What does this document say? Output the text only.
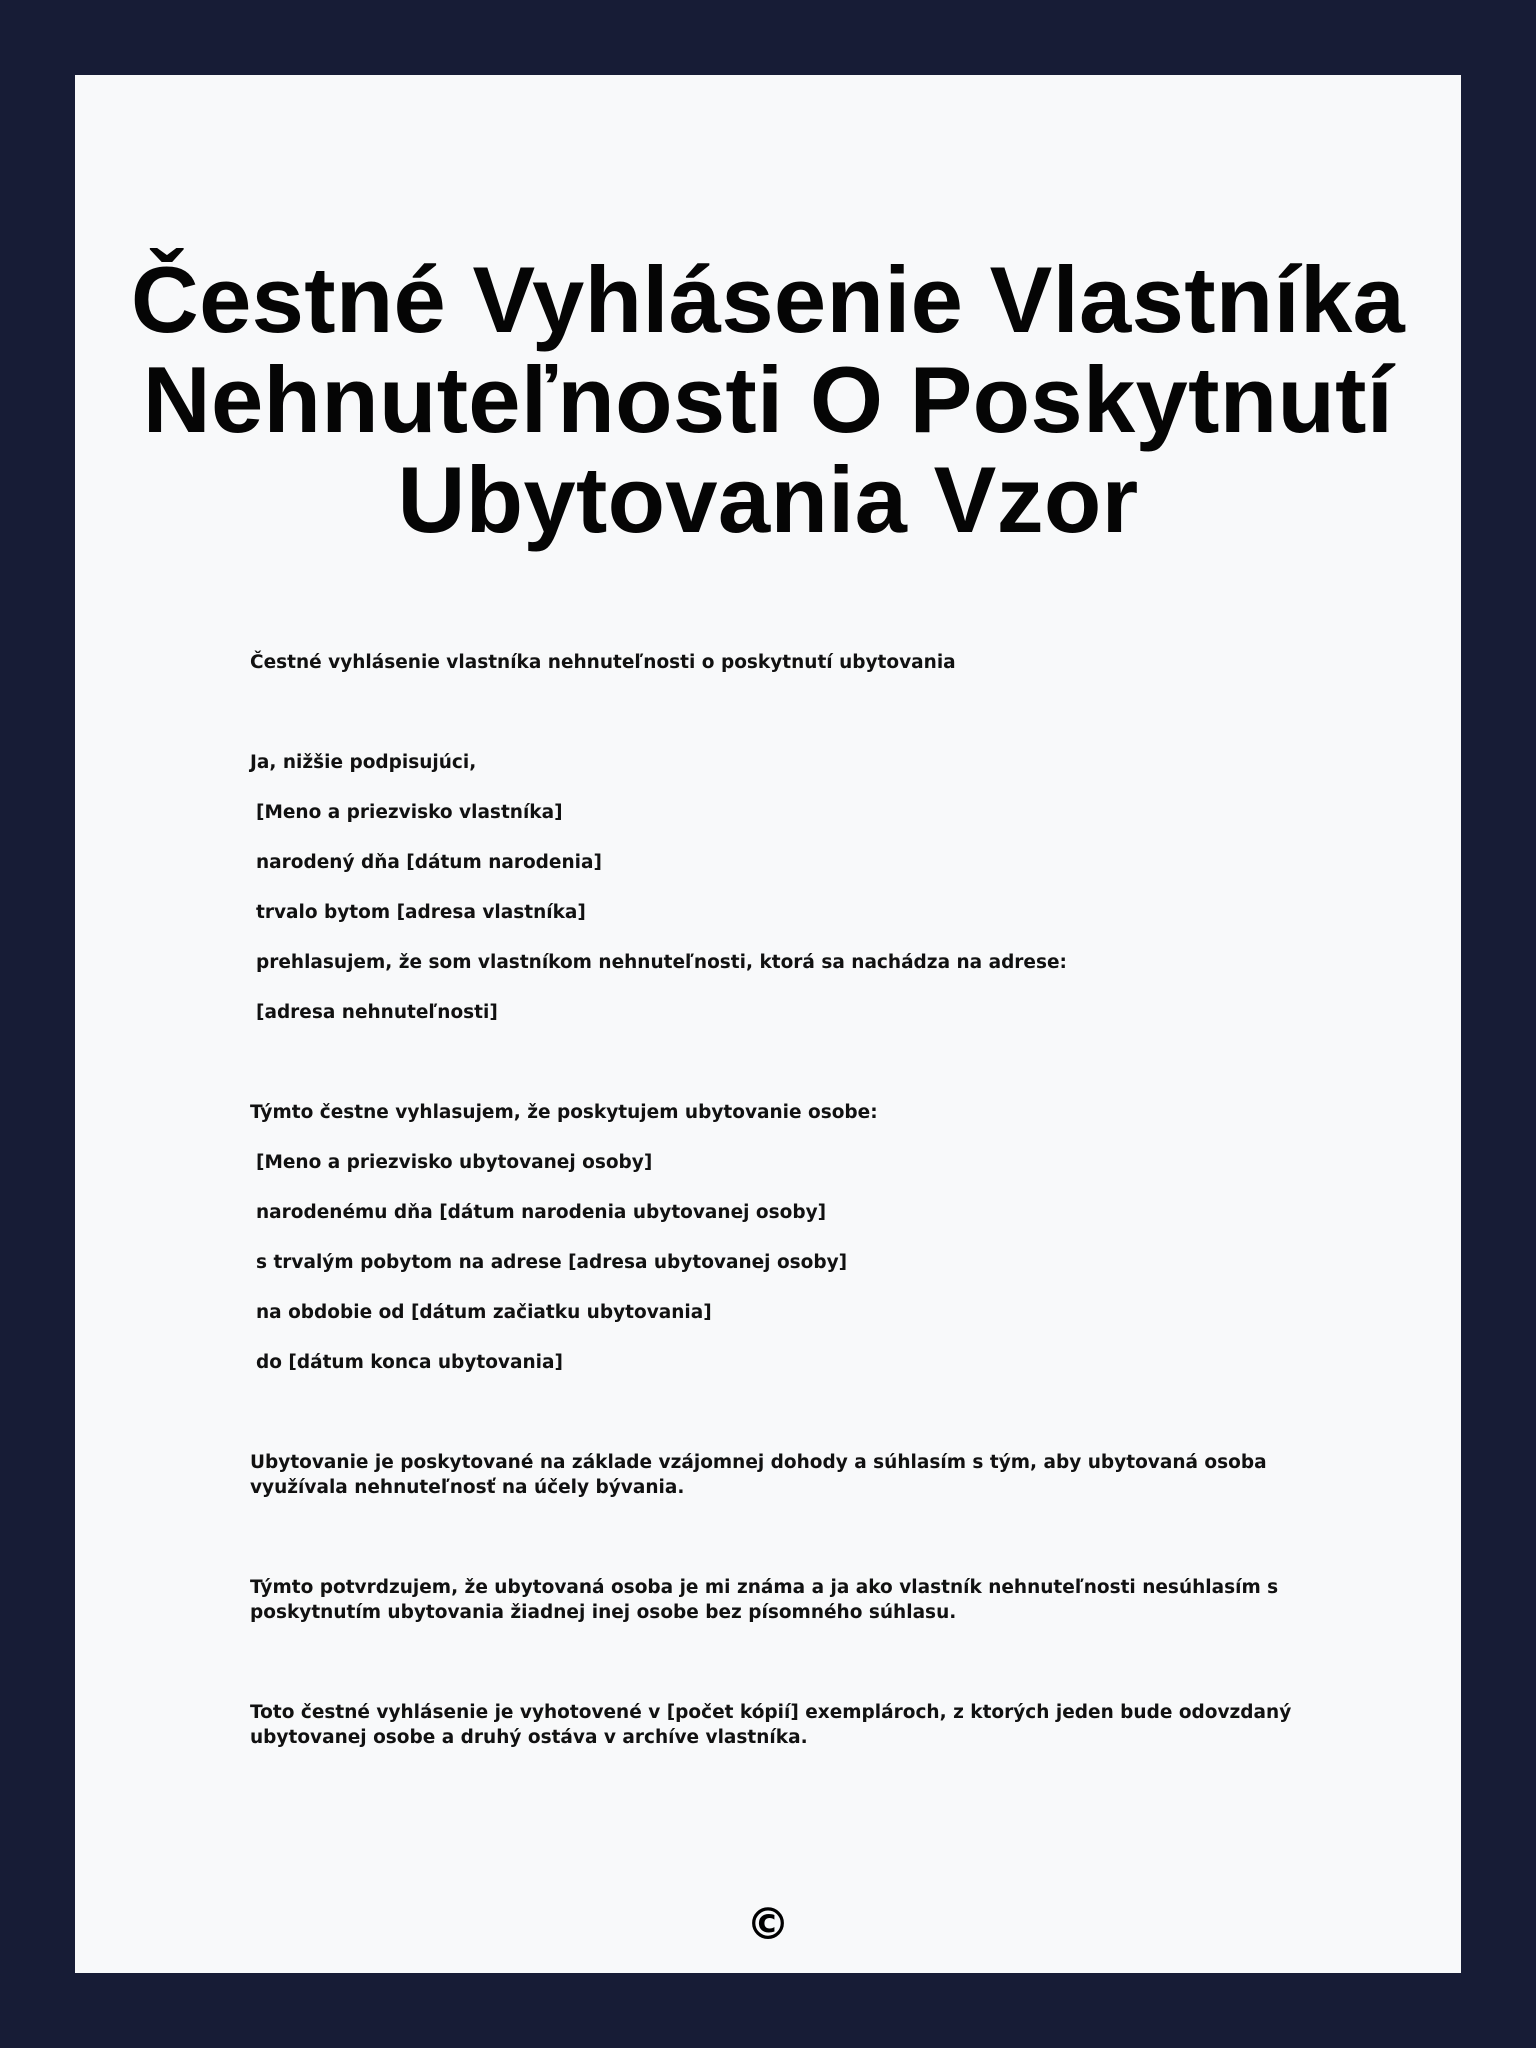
Čestné Vyhlásenie Vlastníka Nehnuteľnosti O Poskytnutí Ubytovania Vzor

Čestné vyhlásenie vlastníka nehnuteľnosti o poskytnutí ubytovania

Ja, nižšie podpisujúci,

[Meno a priezvisko vlastníka]

narodený dňa [dátum narodenia]

trvalo bytom [adresa vlastníka]

prehlasujem, že som vlastníkom nehnuteľnosti, ktorá sa nachádza na adrese:

[adresa nehnuteľnosti]

Týmto čestne vyhlasujem, že poskytujem ubytovanie osobe:

[Meno a priezvisko ubytovanej osoby]

narodenému dňa [dátum narodenia ubytovanej osoby]

s trvalým pobytom na adrese [adresa ubytovanej osoby]

na obdobie od [dátum začiatku ubytovania]

do [dátum konca ubytovania]

Ubytovanie je poskytované na základe vzájomnej dohody a súhlasím s tým, aby ubytovaná osoba využívala nehnuteľnosť na účely bývania.

Týmto potvrdzujem, že ubytovaná osoba je mi známa a ja ako vlastník nehnuteľnosti nesúhlasím s poskytnutím ubytovania žiadnej inej osobe bez písomného súhlasu.

Toto čestné vyhlásenie je vyhotovené v [počet kópií] exemplároch, z ktorých jeden bude odovzdaný ubytovanej osobe a druhý ostáva v archíve vlastníka.

©
